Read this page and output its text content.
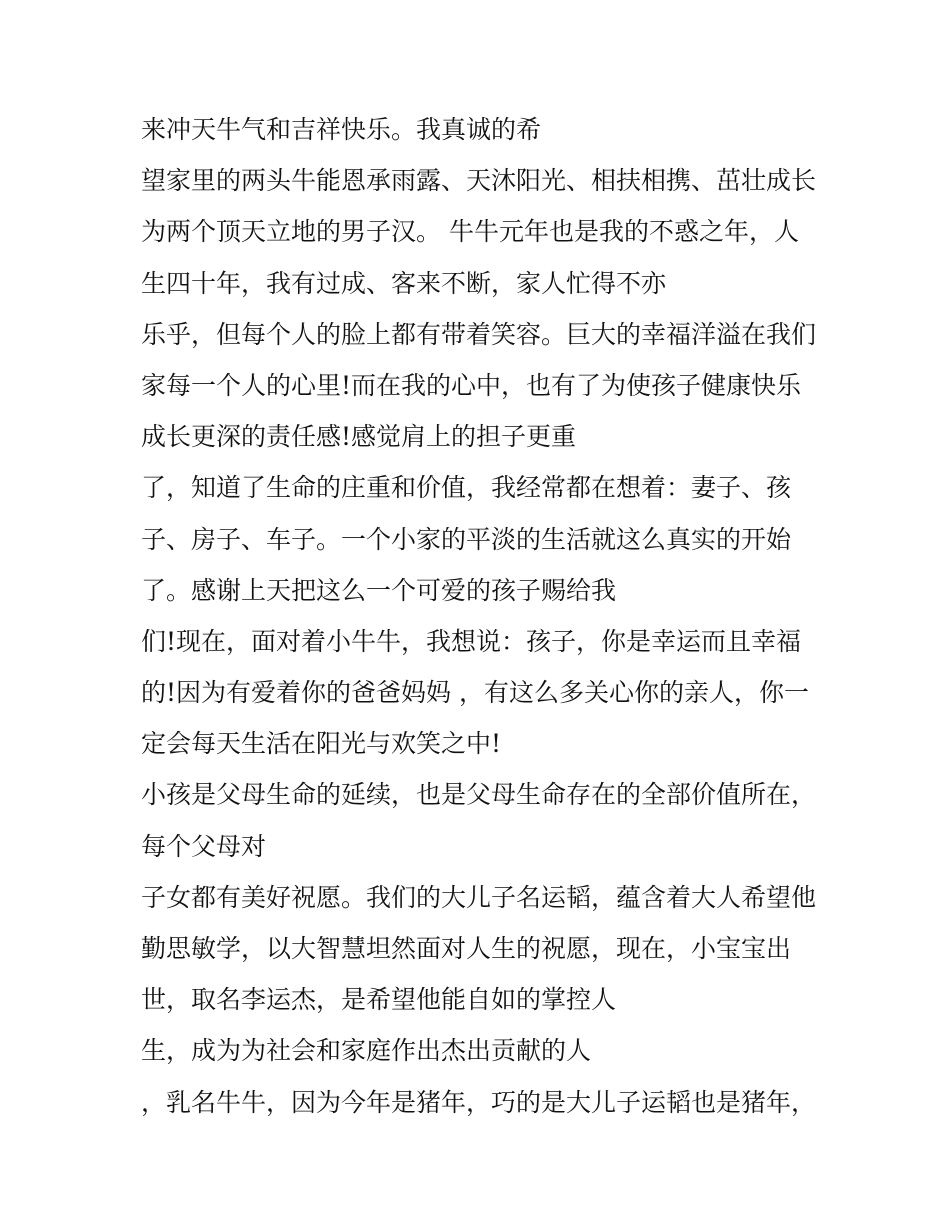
来冲天牛气和吉祥快乐。我真诚的希
望家里的两头牛能恩承雨露、天沐阳光、相扶相携、茁壮成长
为两个顶天立地的男子汉。 牛牛元年也是我的不惑之年，人
生四十年，我有过成、客来不断，家人忙得不亦
乐乎，但每个人的脸上都有带着笑容。巨大的幸福洋溢在我们
家每一个人的心里!而在我的心中，也有了为使孩子健康快乐
成长更深的责任感!感觉肩上的担子更重
了，知道了生命的庄重和价值，我经常都在想着：妻子、孩
子、房子、车子。一个小家的平淡的生活就这么真实的开始
了。感谢上天把这么一个可爱的孩子赐给我
们!现在，面对着小牛牛，我想说：孩子，你是幸运而且幸福
的!因为有爱着你的爸爸妈妈 ，有这么多关心你的亲人，你一
定会每天生活在阳光与欢笑之中!
小孩是父母生命的延续，也是父母生命存在的全部价值所在，
每个父母对
子女都有美好祝愿。我们的大儿子名运韬，蕴含着大人希望他
勤思敏学，以大智慧坦然面对人生的祝愿，现在，小宝宝出
世，取名李运杰，是希望他能自如的掌控人
生，成为为社会和家庭作出杰出贡献的人
，乳名牛牛，因为今年是猪年，巧的是大儿子运韬也是猪年，
